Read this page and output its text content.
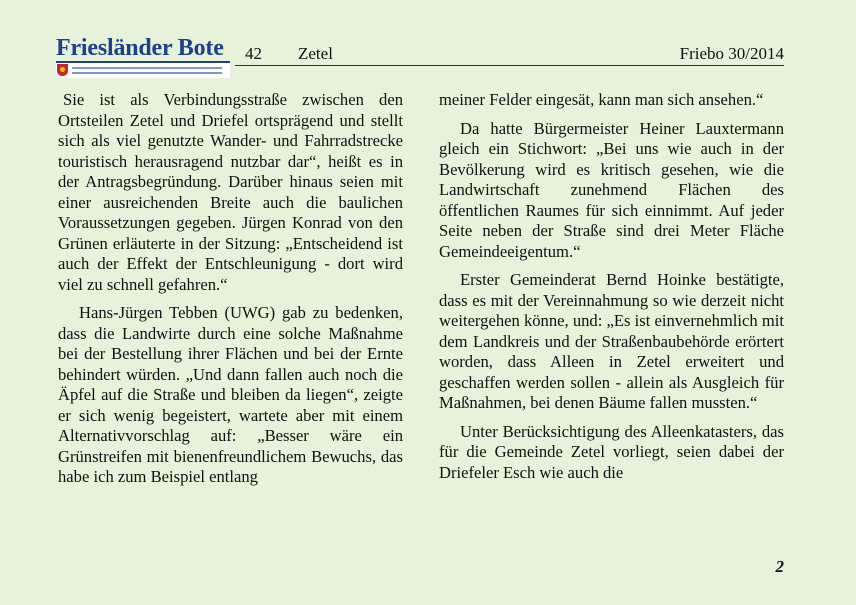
Friesländer Bote	42 Zetel	Friebo 30/2014

Sie ist als Verbindungsstraße zwischen den Ortsteilen Zetel und Driefel ortsprägend und stellt sich als viel genutzte Wander- und Fahrradstrecke touristisch herausragend nutzbar dar“, heißt es in der Antragsbegründung. Darüber hinaus seien mit einer ausreichenden Breite auch die baulichen Voraussetzungen gegeben. Jürgen Konrad von den Grünen erläuterte in der Sitzung: „Entscheidend ist auch der Effekt der Entschleunigung - dort wird viel zu schnell gefahren.“

Hans-Jürgen Tebben (UWG) gab zu bedenken, dass die Landwirte durch eine solche Maßnahme bei der Bestellung ihrer Flächen und bei der Ernte behindert würden. „Und dann fallen auch noch die Äpfel auf die Straße und bleiben da liegen“, zeigte er sich wenig begeistert, wartete aber mit einem Alternativvorschlag auf: „Besser wäre ein Grünstreifen mit bienenfreundlichem Bewuchs, das habe ich zum Beispiel entlang

meiner Felder eingesät, kann man sich ansehen.“

Da hatte Bürgermeister Heiner Lauxtermann gleich ein Stichwort: „Bei uns wie auch in der Bevölkerung wird es kritisch gesehen, wie die Landwirtschaft zunehmend Flächen des öffentlichen Raumes für sich einnimmt. Auf jeder Seite neben der Straße sind drei Meter Fläche Gemeindeeigentum.“

Erster Gemeinderat Bernd Hoinke bestätigte, dass es mit der Vereinnahmung so wie derzeit nicht weitergehen könne, und: „Es ist einvernehmlich mit dem Landkreis und der Straßenbaubehörde erörtert worden, dass Alleen in Zetel erweitert und geschaffen werden sollen - allein als Ausgleich für Maßnahmen, bei denen Bäume fallen mussten.“

Unter Berücksichtigung des Alleenkatasters, das für die Gemeinde Zetel vorliegt, seien dabei der Driefeler Esch wie auch die

2
